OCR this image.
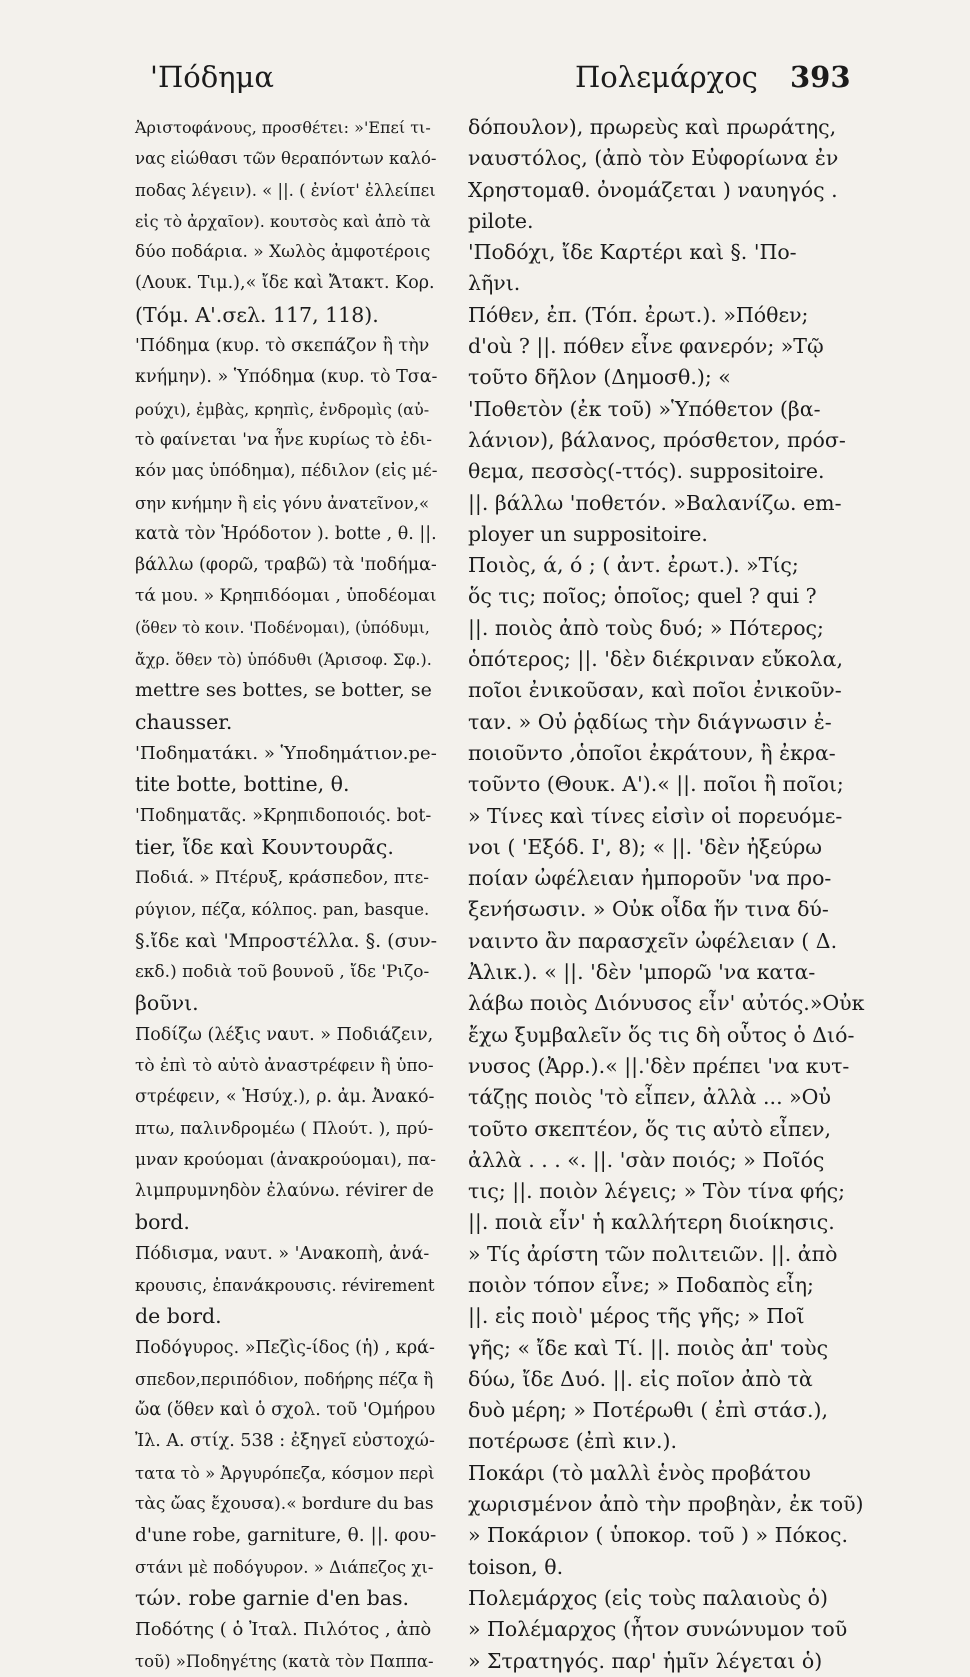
'Πόδημα	Πολεμάρχος 393

Ἀριστοφάνους, προσθέτει: »'Επεί τι-

νας εἰώθασι τῶν θεραπόντων καλό-

ποδας λέγειν). « ||. ( ἐνίοτ' ἐλλείπει

εἰς τὸ ἀρχαῖον). κουτσὸς καὶ ἀπὸ τὰ

δύο ποδάρια. » Χωλὸς ἀμφοτέροις

(Λουκ. Τιμ.),« ἴδε καὶ Ἄτακτ. Κορ.

(Τόμ. Α'.σελ. 117, 118).

'Πόδημα (κυρ. τὸ σκεπάζον ἢ τὴν

κνήμην). » Ὑπόδημα (κυρ. τὸ Τσα-

ρούχι), ἐμβὰς, κρηπὶς, ἐνδρομὶς (αὐ-

τὸ φαίνεται 'να ἦνε κυρίως τὸ ἐδι-

κόν μας ὑπόδημα), πέδιλον (εἰς μέ-

σην κνήμην ἢ εἰς γόνυ ἀνατεῖνον,«

κατὰ τὸν Ἡρόδοτον ). botte , θ. ||.

βάλλω (φορῶ, τραβῶ) τὰ 'ποδήμα-

τά μου. » Κρηπιδόομαι , ὑποδέομαι

(ὅθεν τὸ κοιν. 'Ποδένομαι), (ὑπόδυμι,

ἄχρ. ὅθεν τὸ) ὑπόδυθι (Ἀρισοφ. Σφ.).

mettre ses bottes, se botter, se

chausser.

'Ποδηματάκι. » Ὑποδημάτιον.pe-

tite botte, bottine, θ.

'Ποδηματᾶς. »Κρηπιδοποιός. bot-

tier, ἴδε καὶ Κουντουρᾶς.

Ποδιά. » Πτέρυξ, κράσπεδον, πτε-

ρύγιον, πέζα, κόλπος. pan, basque.

§.ἴδε καὶ 'Μπροστέλλα. §. (συν-

εκδ.) ποδιὰ τοῦ βουνοῦ , ἴδε 'Ριζο-

βοῦνι.

Ποδίζω (λέξις ναυτ. » Ποδιάζειν,

τὸ ἐπὶ τὸ αὐτὸ ἀναστρέφειν ἢ ὑπο-

στρέφειν, « Ἡσύχ.), ρ. ἀμ. Ἀνακό-

πτω, παλινδρομέω ( Πλούτ. ), πρύ-

μναν κρούομαι (ἀνακρούομαι), πα-

λιμπρυμνηδὸν ἐλαύνω. révirer de

bord.

Πόδισμα, ναυτ. » 'Ανακοπὴ, ἀνά-

κρουσις, ἐπανάκρουσις. révirement

de bord.

Ποδόγυρος. »Πεζὶς-ίδος (ἡ) , κρά-

σπεδον,περιπόδιον, ποδήρης πέζα ἢ

ὤα (ὅθεν καὶ ὁ σχολ. τοῦ 'Ομήρου

Ἰλ. Α. στίχ. 538 : ἐξηγεῖ εὐστοχώ-

τατα τὸ » Ἀργυρόπεζα, κόσμον περὶ

τὰς ὤας ἔχουσα).« bordure du bas

d'une robe, garniture, θ. ||. φου-

στάνι μὲ ποδόγυρον. » Διάπεζος χι-

τών. robe garnie d'en bas.

Ποδότης ( ὁ Ἰταλ. Πιλότος , ἀπὸ

τοῦ) »Ποδηγέτης (κατὰ τὸν Παππα-

δόπουλον), πρωρεὺς καὶ πρωράτης,

ναυστόλος, (ἀπὸ τὸν Εὐφορίωνα ἐν

Χρηστομαθ. ὀνομάζεται ) ναυηγός .

pilote.

'Ποδόχι, ἴδε Καρτέρι καὶ §. 'Πο-

λῆνι.

Πόθεν, ἐπ. (Τόπ. ἐρωτ.). »Πόθεν;

d'où ? ||. πόθεν εἶνε φανερόν; »Τῷ

τοῦτο δῆλον (Δημοσθ.); «

'Ποθετὸν (ἐκ τοῦ) »Ὑπόθετον (βα-

λάνιον), βάλανος, πρόσθετον, πρόσ-

θεμα, πεσσὸς(-ττός). suppositoire.

||. βάλλω 'ποθετόν. »Βαλανίζω. em-

ployer un suppositoire.

Ποιὸς, ά, ό ; ( ἀντ. ἐρωτ.). »Τίς;

ὅς τις; ποῖος; ὁποῖος; quel ? qui ?

||. ποιὸς ἀπὸ τοὺς δυό; » Πότερος;

ὁπότερος; ||. 'δὲν διέκριναν εὔκολα,

ποῖοι ἐνικοῦσαν, καὶ ποῖοι ἐνικοῦν-

ταν. » Οὐ ῥᾳδίως τὴν διάγνωσιν ἐ-

ποιοῦντο ,ὁποῖοι ἐκράτουν, ἢ ἐκρα-

τοῦντο (Θουκ. Α').« ||. ποῖοι ἢ ποῖοι;

» Τίνες καὶ τίνες εἰσὶν οἱ πορευόμε-

νοι ( 'Εξόδ. Ι', 8); « ||. 'δὲν ἠξεύρω

ποίαν ὠφέλειαν ἠμποροῦν 'να προ-

ξενήσωσιν. » Οὐκ οἶδα ἥν τινα δύ-

ναιντο ἂν παρασχεῖν ὠφέλειαν ( Δ.

Ἀλικ.). « ||. 'δὲν 'μπορῶ 'να κατα-

λάβω ποιὸς Διόνυσος εἶν' αὐτός.»Οὐκ

ἔχω ξυμβαλεῖν ὅς τις δὴ οὗτος ὁ Διό-

νυσος (Ἀρρ.).« ||.'δὲν πρέπει 'να κυτ-

τάζῃς ποιὸς 'τὸ εἶπεν, ἀλλὰ ... »Οὐ

τοῦτο σκεπτέον, ὅς τις αὐτὸ εἶπεν,

ἀλλὰ . . . «. ||. 'σὰν ποιός; » Ποῖός

τις; ||. ποιὸν λέγεις; » Τὸν τίνα φής;

||. ποιὰ εἶν' ἡ καλλήτερη διοίκησις.

» Τίς ἀρίστη τῶν πολιτειῶν. ||. ἀπὸ

ποιὸν τόπον εἶνε; » Ποδαπὸς εἶη;

||. εἰς ποιὸ' μέρος τῆς γῆς; » Ποῖ

γῆς; « ἴδε καὶ Τί. ||. ποιὸς ἀπ' τοὺς

δύω, ἴδε Δυό. ||. εἰς ποῖον ἀπὸ τὰ

δυὸ μέρη; » Ποτέρωθι ( ἐπὶ στάσ.),

ποτέρωσε (ἐπὶ κιν.).

Ποκάρι (τὸ μαλλὶ ἑνὸς προβάτου

χωρισμένον ἀπὸ τὴν προβηὰν, ἐκ τοῦ)

» Ποκάριον ( ὑποκορ. τοῦ ) » Πόκος.

toison, θ.

Πολεμάρχος (εἰς τοὺς παλαιοὺς ὁ)

» Πολέμαρχος (ἦτον συνώνυμον τοῦ

» Στρατηγός. παρ' ἡμῖν λέγεται ὁ)
